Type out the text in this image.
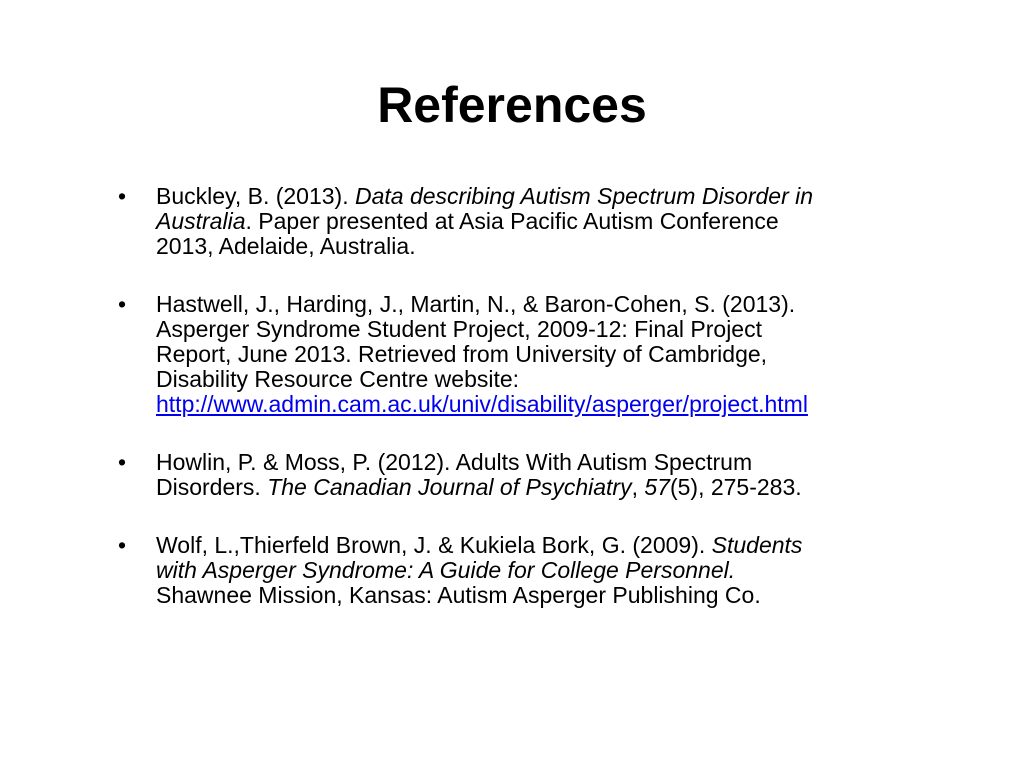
References
• Buckley, B. (2013). Data describing Autism Spectrum Disorder in
Australia. Paper presented at Asia Pacific Autism Conference
2013, Adelaide, Australia.
• Hastwell, J., Harding, J., Martin, N., & Baron-Cohen, S. (2013).
Asperger Syndrome Student Project, 2009-12: Final Project
Report, June 2013. Retrieved from University of Cambridge,
Disability Resource Centre website:
http://www.admin.cam.ac.uk/univ/disability/asperger/project.html
• Howlin, P. & Moss, P. (2012). Adults With Autism Spectrum
Disorders. The Canadian Journal of Psychiatry, 57(5), 275-283.
• Wolf, L.,Thierfeld Brown, J. & Kukiela Bork, G. (2009). Students
with Asperger Syndrome: A Guide for College Personnel.
Shawnee Mission, Kansas: Autism Asperger Publishing Co.
